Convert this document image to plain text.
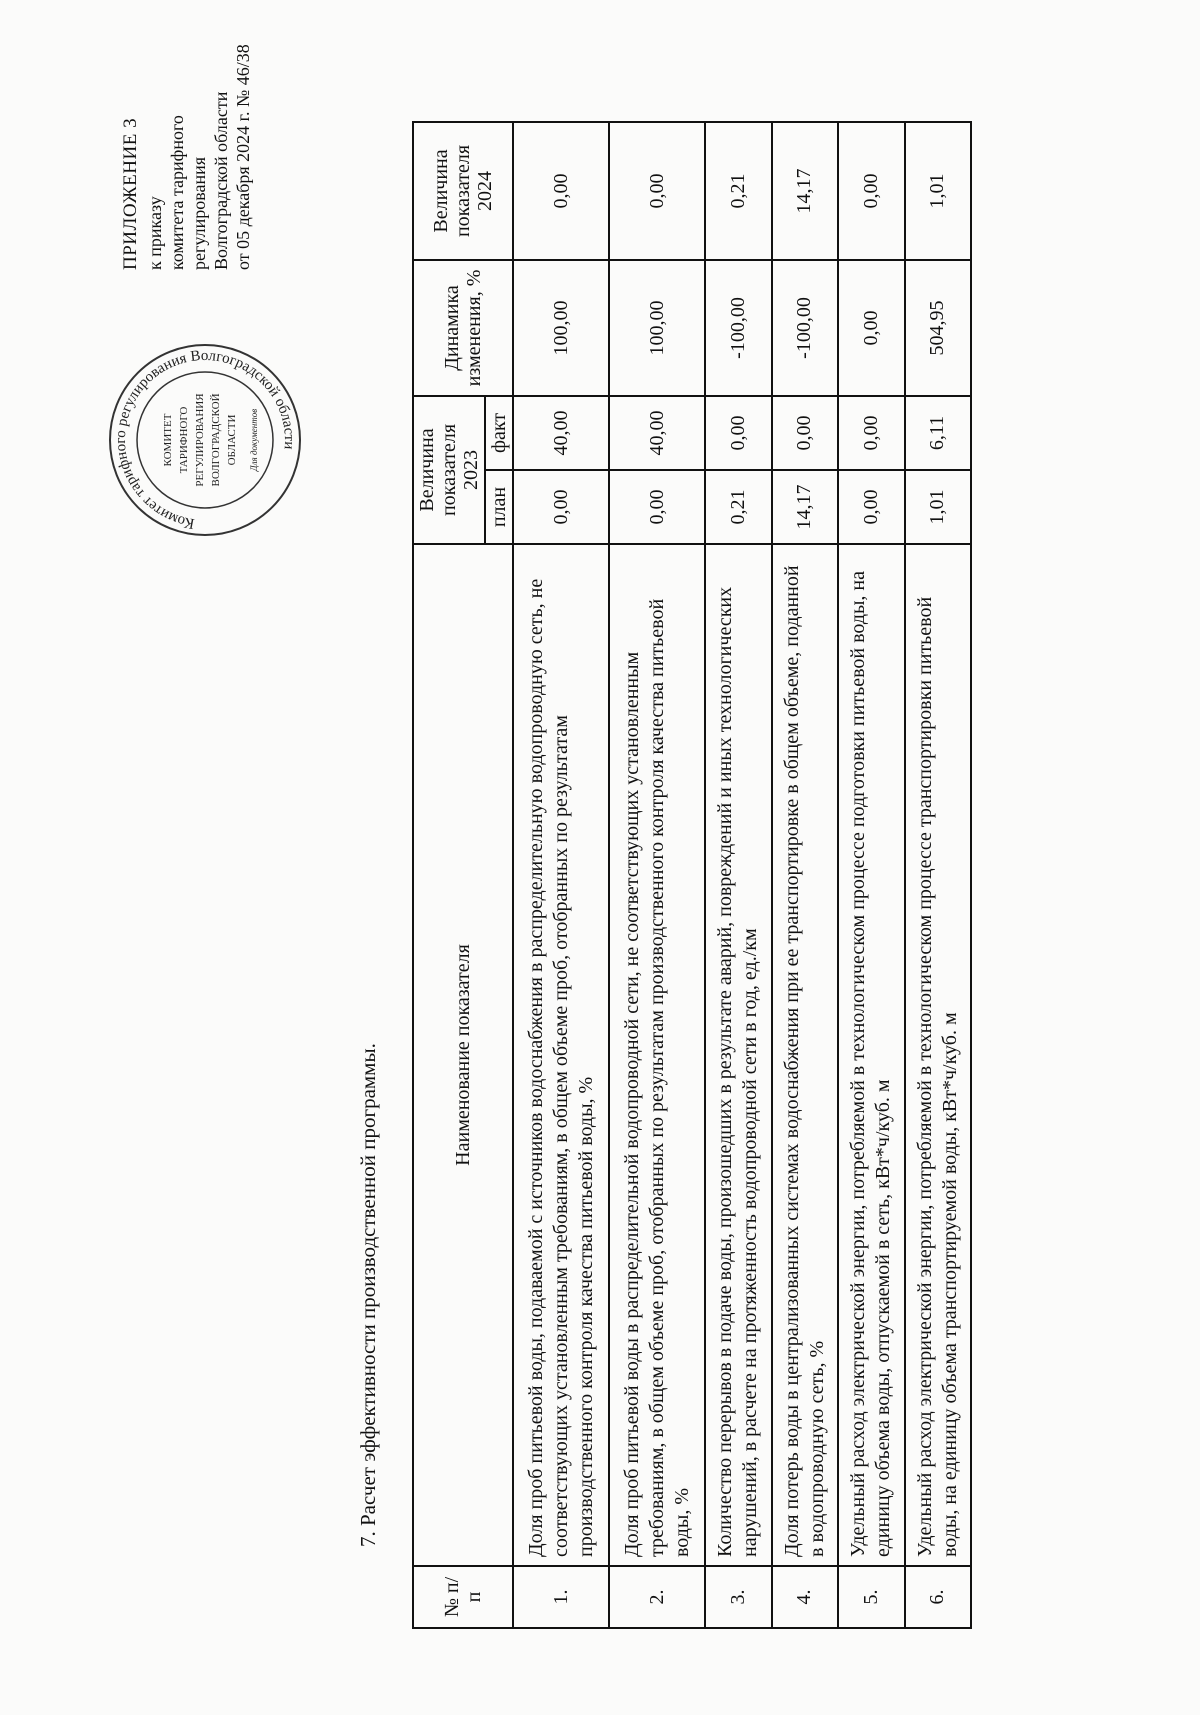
ПРИЛОЖЕНИЕ 3 к приказу комитета тарифного регулирования Волгоградской области от 05 декабря 2024 г. № 46/38
Комитет тарифного регулирования Волгоградской области
КОМИТЕТ ТАРИФНОГО РЕГУЛИРОВАНИЯ ВОЛГОГРАДСКОЙ ОБЛАСТИ Для документов
7. Расчет эффективности производственной программы.
№ п/п	Наименование показателя	Величина показателя 2023		Динамика изменения, %	Величина показателя 2024
		план	факт		
1.	Доля проб питьевой воды, подаваемой с источников водоснабжения в распределительную водопроводную сеть, не соответствующих установленным требованиям, в общем объеме проб, отобранных по результатам производственного контроля качества питьевой воды, %	0,00	40,00	100,00	0,00
2.	Доля проб питьевой воды в распределительной водопроводной сети, не соответствующих установленным требованиям, в общем объеме проб, отобранных по результатам производственного контроля качества питьевой воды, %	0,00	40,00	100,00	0,00
3.	Количество перерывов в подаче воды, произошедших в результате аварий, повреждений и иных технологических нарушений, в расчете на протяженность водопроводной сети в год, ед./км	0,21	0,00	-100,00	0,21
4.	Доля потерь воды в централизованных системах водоснабжения при ее транспортировке в общем объеме, поданной в водопроводную сеть, %	14,17	0,00	-100,00	14,17
5.	Удельный расход электрической энергии, потребляемой в технологическом процессе подготовки питьевой воды, на единицу объема воды, отпускаемой в сеть, кВт*ч/куб. м	0,00	0,00	0,00	0,00
6.	Удельный расход электрической энергии, потребляемой в технологическом процессе транспортировки питьевой воды, на единицу объема транспортируемой воды, кВт*ч/куб. м	1,01	6,11	504,95	1,01
